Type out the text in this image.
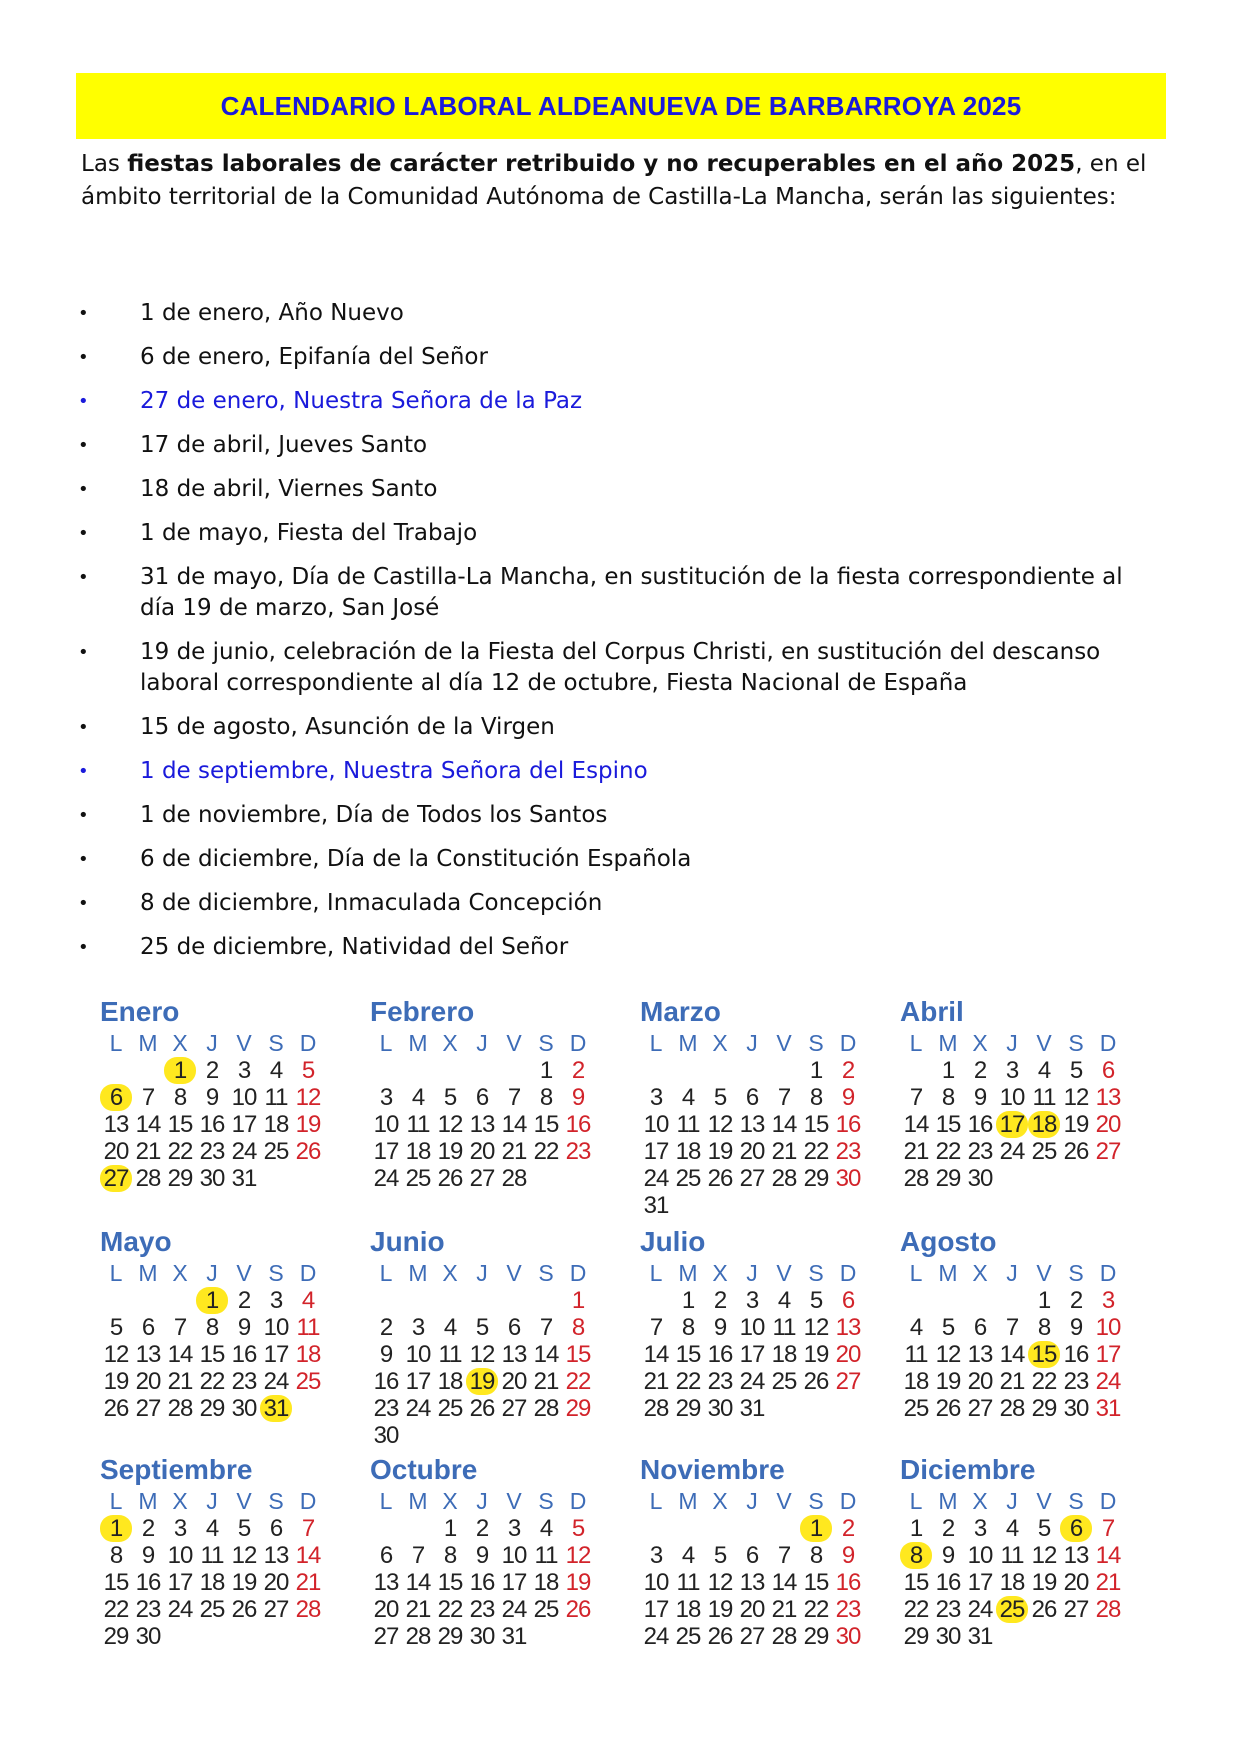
CALENDARIO LABORAL ALDEANUEVA DE BARBARROYA 2025
Las fiestas laborales de carácter retribuido y no recuperables en el año 2025, en el ámbito territorial de la Comunidad Autónoma de Castilla-La Mancha, serán las siguientes:
• 1 de enero, Año Nuevo
• 6 de enero, Epifanía del Señor
• 27 de enero, Nuestra Señora de la Paz
• 17 de abril, Jueves Santo
• 18 de abril, Viernes Santo
• 1 de mayo, Fiesta del Trabajo
• 31 de mayo, Día de Castilla-La Mancha, en sustitución de la fiesta correspondiente al día 19 de marzo, San José
• 19 de junio, celebración de la Fiesta del Corpus Christi, en sustitución del descanso laboral correspondiente al día 12 de octubre, Fiesta Nacional de España
• 15 de agosto, Asunción de la Virgen
• 1 de septiembre, Nuestra Señora del Espino
• 1 de noviembre, Día de Todos los Santos
• 6 de diciembre, Día de la Constitución Española
• 8 de diciembre, Inmaculada Concepción
• 25 de diciembre, Natividad del Señor
Enero
L M X J V S D
1 2 3 4 5
6 7 8 9 10 11 12
13 14 15 16 17 18 19
20 21 22 23 24 25 26
27 28 29 30 31
Febrero
L M X J V S D
1 2
3 4 5 6 7 8 9
10 11 12 13 14 15 16
17 18 19 20 21 22 23
24 25 26 27 28
Marzo
L M X J V S D
1 2
3 4 5 6 7 8 9
10 11 12 13 14 15 16
17 18 19 20 21 22 23
24 25 26 27 28 29 30
31
Abril
L M X J V S D
1 2 3 4 5 6
7 8 9 10 11 12 13
14 15 16 17 18 19 20
21 22 23 24 25 26 27
28 29 30
Mayo
L M X J V S D
1 2 3 4
5 6 7 8 9 10 11
12 13 14 15 16 17 18
19 20 21 22 23 24 25
26 27 28 29 30 31
Junio
L M X J V S D
1
2 3 4 5 6 7 8
9 10 11 12 13 14 15
16 17 18 19 20 21 22
23 24 25 26 27 28 29
30
Julio
L M X J V S D
1 2 3 4 5 6
7 8 9 10 11 12 13
14 15 16 17 18 19 20
21 22 23 24 25 26 27
28 29 30 31
Agosto
L M X J V S D
1 2 3
4 5 6 7 8 9 10
11 12 13 14 15 16 17
18 19 20 21 22 23 24
25 26 27 28 29 30 31
Septiembre
L M X J V S D
1 2 3 4 5 6 7
8 9 10 11 12 13 14
15 16 17 18 19 20 21
22 23 24 25 26 27 28
29 30
Octubre
L M X J V S D
1 2 3 4 5
6 7 8 9 10 11 12
13 14 15 16 17 18 19
20 21 22 23 24 25 26
27 28 29 30 31
Noviembre
L M X J V S D
1 2
3 4 5 6 7 8 9
10 11 12 13 14 15 16
17 18 19 20 21 22 23
24 25 26 27 28 29 30
Diciembre
L M X J V S D
1 2 3 4 5 6 7
8 9 10 11 12 13 14
15 16 17 18 19 20 21
22 23 24 25 26 27 28
29 30 31
